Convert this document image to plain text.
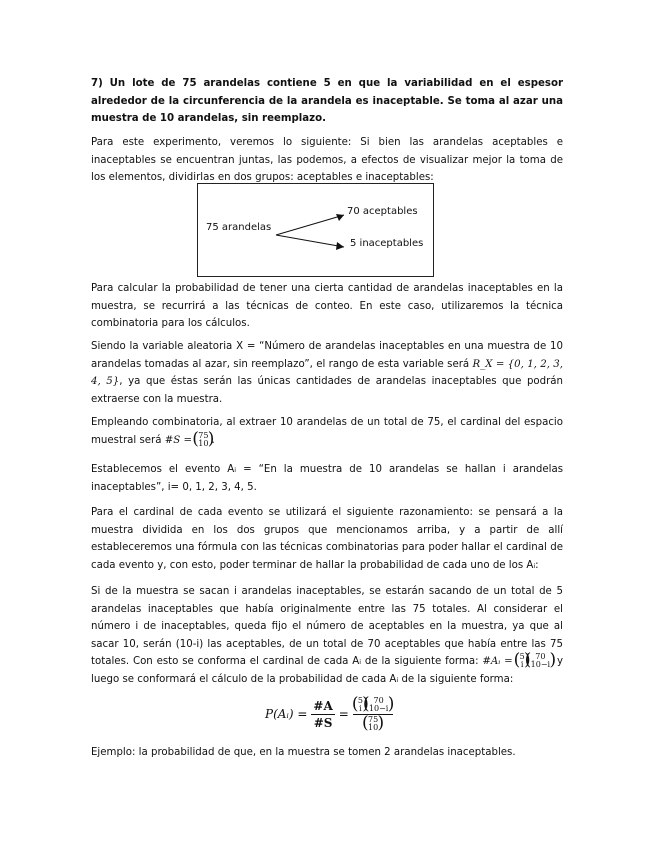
7) Un lote de 75 arandelas contiene 5 en que la variabilidad en el espesor alrededor de la circunferencia de la arandela es inaceptable. Se toma al azar una muestra de 10 arandelas, sin reemplazo.

Para este experimento, veremos lo siguiente: Si bien las arandelas aceptables e inaceptables se encuentran juntas, las podemos, a efectos de visualizar mejor la toma de los elementos, dividirlas en dos grupos: aceptables e inaceptables:

75 arandelas
70 aceptables
5 inaceptables

Para calcular la probabilidad de tener una cierta cantidad de arandelas inaceptables en la muestra, se recurrirá a las técnicas de conteo. En este caso, utilizaremos la técnica combinatoria para los cálculos.

Siendo la variable aleatoria X = “Número de arandelas inaceptables en una muestra de 10 arandelas tomadas al azar, sin reemplazo”, el rango de esta variable será R_X = {0, 1, 2, 3, 4, 5}, ya que éstas serán las únicas cantidades de arandelas inaceptables que podrán extraerse con la muestra.

Empleando combinatoria, al extraer 10 arandelas de un total de 75, el cardinal del espacio muestral será #S = ( 75
10
) .

Establecemos el evento Aᵢ = “En la muestra de 10 arandelas se hallan i arandelas inaceptables”, i= 0, 1, 2, 3, 4, 5.

Para el cardinal de cada evento se utilizará el siguiente razonamiento: se pensará a la muestra dividida en los dos grupos que mencionamos arriba, y a partir de allí estableceremos una fórmula con las técnicas combinatorias para poder hallar el cardinal de cada evento y, con esto, poder terminar de hallar la probabilidad de cada uno de los Aᵢ:

Si de la muestra se sacan i arandelas inaceptables, se estarán sacando de un total de 5 arandelas inaceptables que había originalmente entre las 75 totales. Al considerar el número i de inaceptables, queda fijo el número de aceptables en la muestra, ya que al sacar 10, serán (10-i) las aceptables, de un total de 70 aceptables que había entre las 75 totales. Con esto se conforma el cardinal de cada Aᵢ de la siguiente forma: #Aᵢ = ( 5
i
)
( 70
10−i
) y luego se conformará el cálculo de la probabilidad de cada Aᵢ de la siguiente forma:

P(Aᵢ) = $\frac{\#A}{\#S}$ = ( 5
i
)
( 70
10−i
)
( 75
10
)

Ejemplo: la probabilidad de que, en la muestra se tomen 2 arandelas inaceptables.
